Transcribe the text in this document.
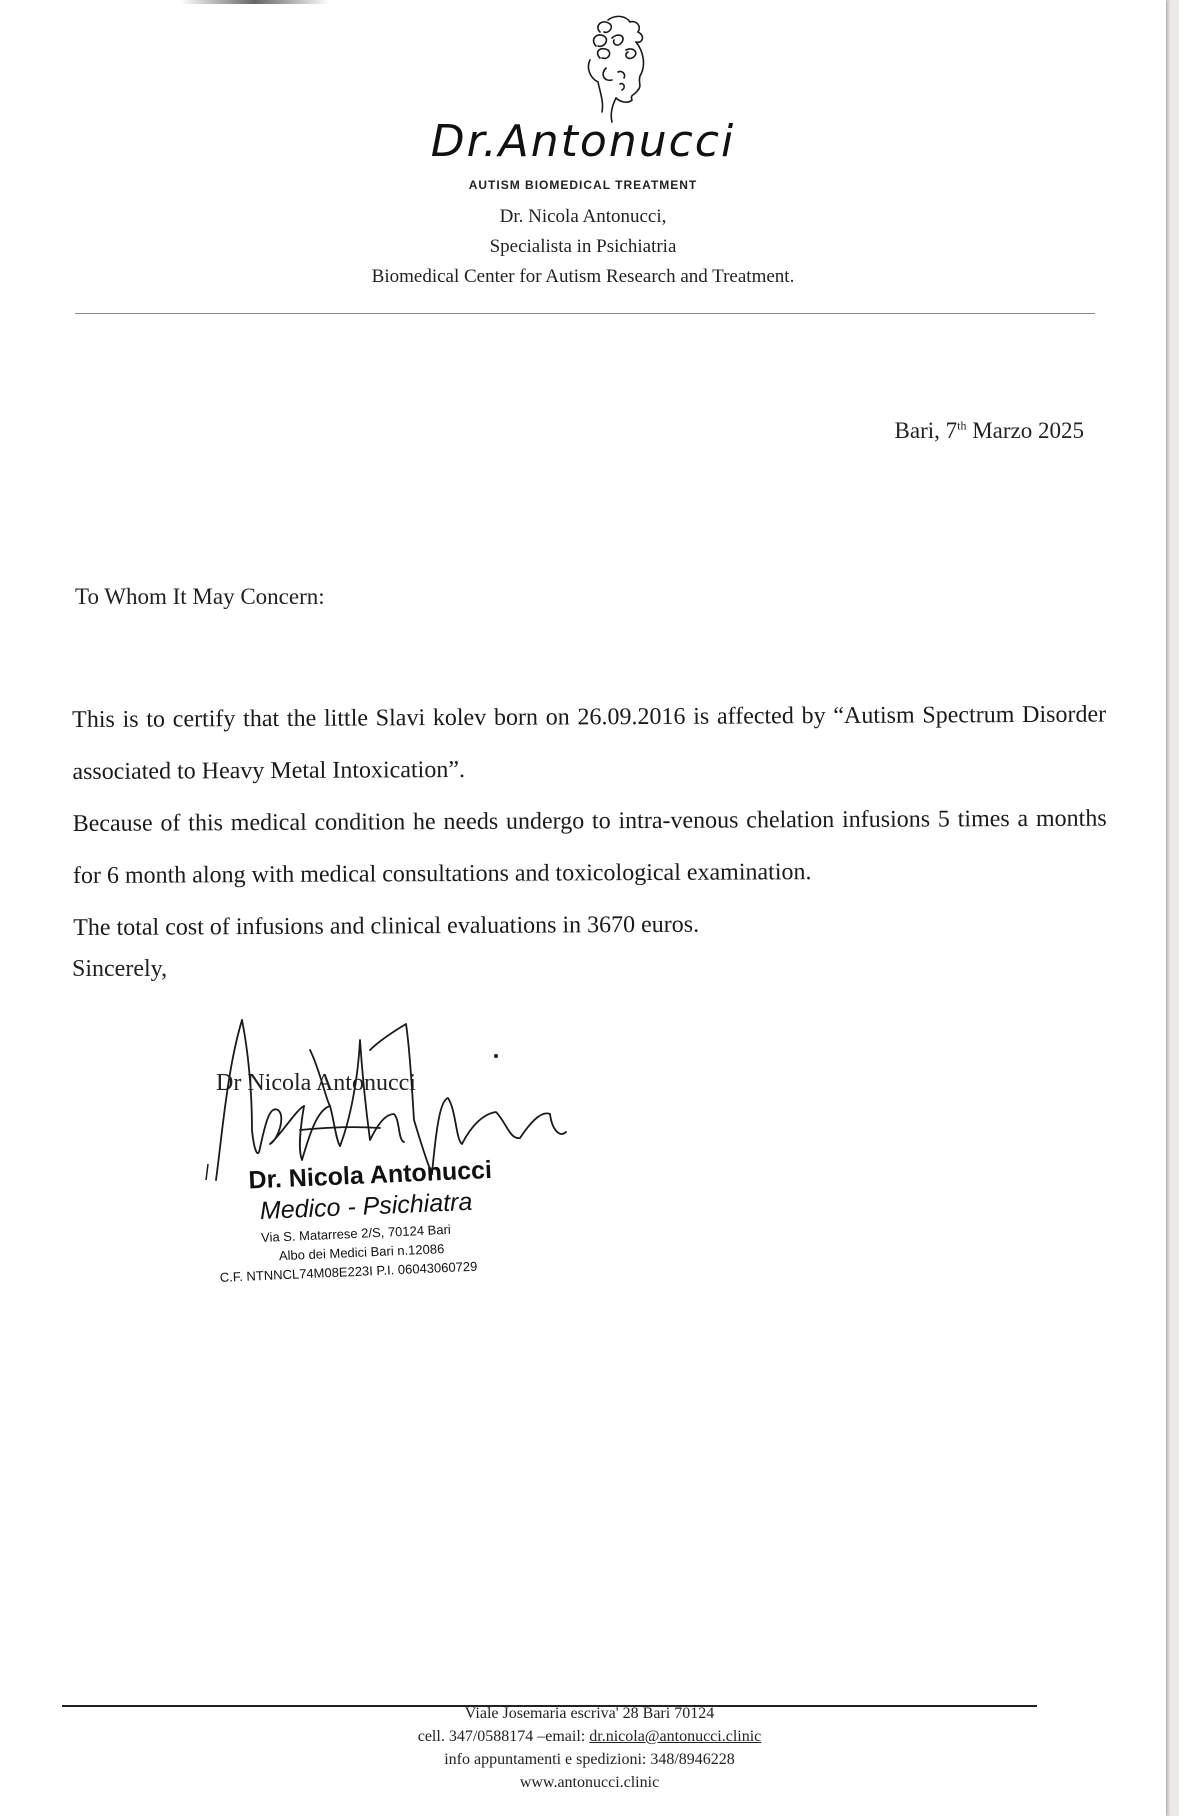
Dr.Antonucci
AUTISM BIOMEDICAL TREATMENT
Dr. Nicola Antonucci,
Specialista in Psichiatria
Biomedical Center for Autism Research and Treatment.
Bari, 7th Marzo 2025
To Whom It May Concern:

This is to certify that the little Slavi kolev born on 26.09.2016 is affected by “Autism Spectrum Disorder associated to Heavy Metal Intoxication”.

Because of this medical condition he needs undergo to intra-venous chelation infusions 5 times a months for 6 month along with medical consultations and toxicological examination.

The total cost of infusions and clinical evaluations in 3670 euros.

Sincerely,
Dr Nicola Antonucci
Dr. Nicola Antonucci
Medico - Psichiatra
Via S. Matarrese 2/S, 70124 Bari
Albo dei Medici Bari n.12086
C.F. NTNNCL74M08E223I P.I. 06043060729
Viale Josemaria escriva' 28 Bari 70124
cell. 347/0588174 –email: dr.nicola@antonucci.clinic
info appuntamenti e spedizioni: 348/8946228
www.antonucci.clinic
